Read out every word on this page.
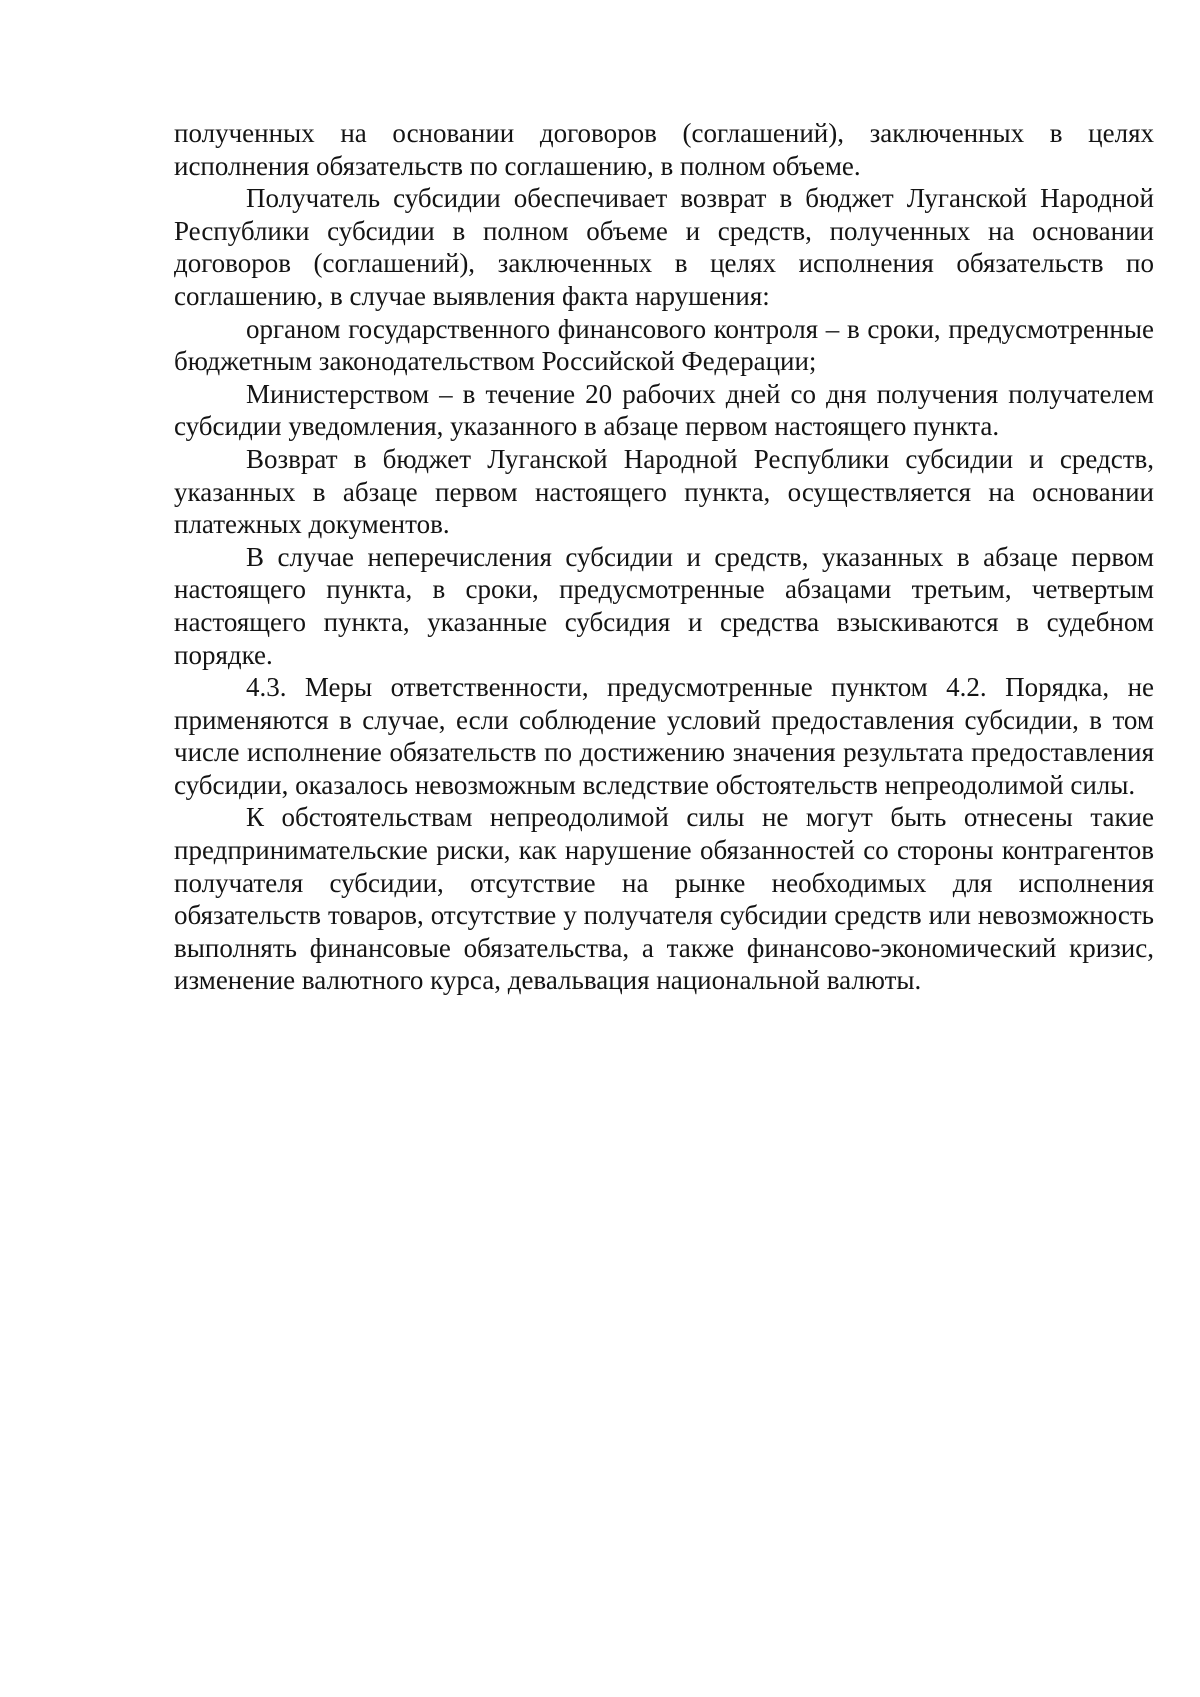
полученных на основании договоров (соглашений), заключенных в целях исполнения обязательств по соглашению, в полном объеме.

Получатель субсидии обеспечивает возврат в бюджет Луганской Народной Республики субсидии в полном объеме и средств, полученных на основании договоров (соглашений), заключенных в целях исполнения обязательств по соглашению, в случае выявления факта нарушения:

органом государственного финансового контроля – в сроки, предусмотренные бюджетным законодательством Российской Федерации;

Министерством – в течение 20 рабочих дней со дня получения получателем субсидии уведомления, указанного в абзаце первом настоящего пункта.

Возврат в бюджет Луганской Народной Республики субсидии и средств, указанных в абзаце первом настоящего пункта, осуществляется на основании платежных документов.

В случае неперечисления субсидии и средств, указанных в абзаце первом настоящего пункта, в сроки, предусмотренные абзацами третьим, четвертым настоящего пункта, указанные субсидия и средства взыскиваются в судебном порядке.

4.3. Меры ответственности, предусмотренные пунктом 4.2. Порядка, не применяются в случае, если соблюдение условий предоставления субсидии, в том числе исполнение обязательств по достижению значения результата предоставления субсидии, оказалось невозможным вследствие обстоятельств непреодолимой силы.

К обстоятельствам непреодолимой силы не могут быть отнесены такие предпринимательские риски, как нарушение обязанностей со стороны контрагентов получателя субсидии, отсутствие на рынке необходимых для исполнения обязательств товаров, отсутствие у получателя субсидии средств или невозможность выполнять финансовые обязательства, а также финансово-экономический кризис, изменение валютного курса, девальвация национальной валюты.
